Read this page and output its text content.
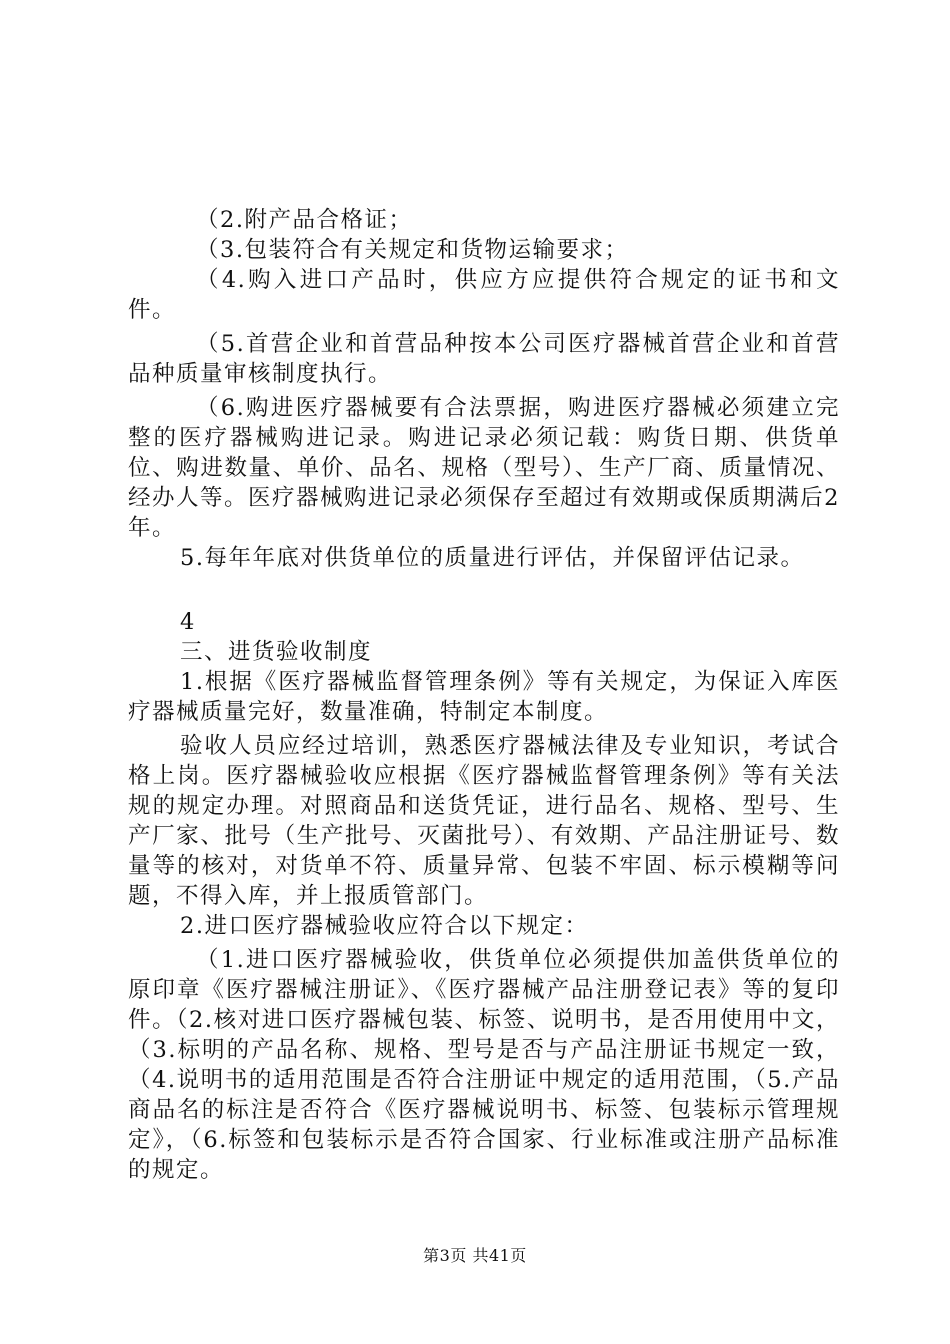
（2.附产品合格证；

（3.包装符合有关规定和货物运输要求；

（4.购入进口产品时，供应方应提供符合规定的证书和文件。

（5.首营企业和首营品种按本公司医疗器械首营企业和首营品种质量审核制度执行。

（6.购进医疗器械要有合法票据，购进医疗器械必须建立完整的医疗器械购进记录。购进记录必须记载：购货日期、供货单位、购进数量、单价、品名、规格（型号）、生产厂商、质量情况、经办人等。医疗器械购进记录必须保存至超过有效期或保质期满后2年。

5.每年年底对供货单位的质量进行评估，并保留评估记录。

4

三、进货验收制度

1.根据《医疗器械监督管理条例》等有关规定，为保证入库医疗器械质量完好，数量准确，特制定本制度。

验收人员应经过培训，熟悉医疗器械法律及专业知识，考试合格上岗。医疗器械验收应根据《医疗器械监督管理条例》等有关法规的规定办理。对照商品和送货凭证，进行品名、规格、型号、生产厂家、批号（生产批号、灭菌批号）、有效期、产品注册证号、数量等的核对，对货单不符、质量异常、包装不牢固、标示模糊等问题，不得入库，并上报质管部门。

2.进口医疗器械验收应符合以下规定：

（1.进口医疗器械验收，供货单位必须提供加盖供货单位的原印章《医疗器械注册证》、《医疗器械产品注册登记表》等的复印件。（2.核对进口医疗器械包装、标签、说明书，是否用使用中文，（3.标明的产品名称、规格、型号是否与产品注册证书规定一致，（4.说明书的适用范围是否符合注册证中规定的适用范围，（5.产品商品名的标注是否符合《医疗器械说明书、标签、包装标示管理规定》，（6.标签和包装标示是否符合国家、行业标准或注册产品标准的规定。

第3页 共41页
